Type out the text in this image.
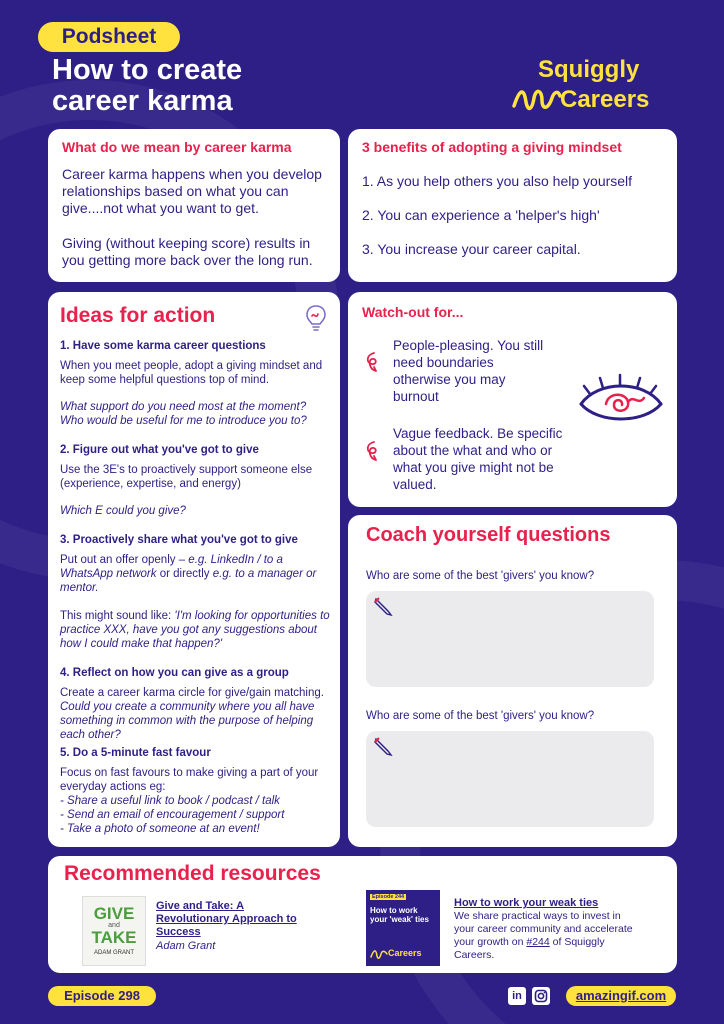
Podsheet
How to create
career karma
Squiggly
Careers
What do we mean by career karma
Career karma happens when you develop relationships based on what you can give....not what you want to get.
Giving (without keeping score) results in you getting more back over the long run.
3 benefits of adopting a giving mindset
1. As you help others you also help yourself
2. You can experience a 'helper's high'
3. You increase your career capital.
Ideas for action
1. Have some karma career questions
When you meet people, adopt a giving mindset and keep some helpful questions top of mind.
What support do you need most at the moment? Who would be useful for me to introduce you to?
2. Figure out what you've got to give
Use the 3E's to proactively support someone else (experience, expertise, and energy)
Which E could you give?
3. Proactively share what you've got to give
Put out an offer openly – e.g. LinkedIn / to a WhatsApp network or directly e.g. to a manager or mentor.
This might sound like: 'I'm looking for opportunities to practice XXX, have you got any suggestions about how I could make that happen?'
4. Reflect on how you can give as a group
Create a career karma circle for give/gain matching. Could you create a community where you all have something in common with the purpose of helping each other?
5. Do a 5-minute fast favour
Focus on fast favours to make giving a part of your everyday actions eg:
- Share a useful link to book / podcast / talk
- Send an email of encouragement / support
- Take a photo of someone at an event!
Watch-out for...
People-pleasing. You still need boundaries otherwise you may burnout
Vague feedback. Be specific about the what and who or what you give might not be valued.
Coach yourself questions
Who are some of the best 'givers' you know?
Who are some of the best 'givers' you know?
Recommended resources
GIVE
and
TAKE
ADAM GRANT
Give and Take: A Revolutionary Approach to Success
Adam Grant
Episode 244
How to work your 'weak' ties
Careers
How to work your weak ties
We share practical ways to invest in your career community and accelerate your growth on #244 of Squiggly Careers.
Episode 298	in	amazingif.com
